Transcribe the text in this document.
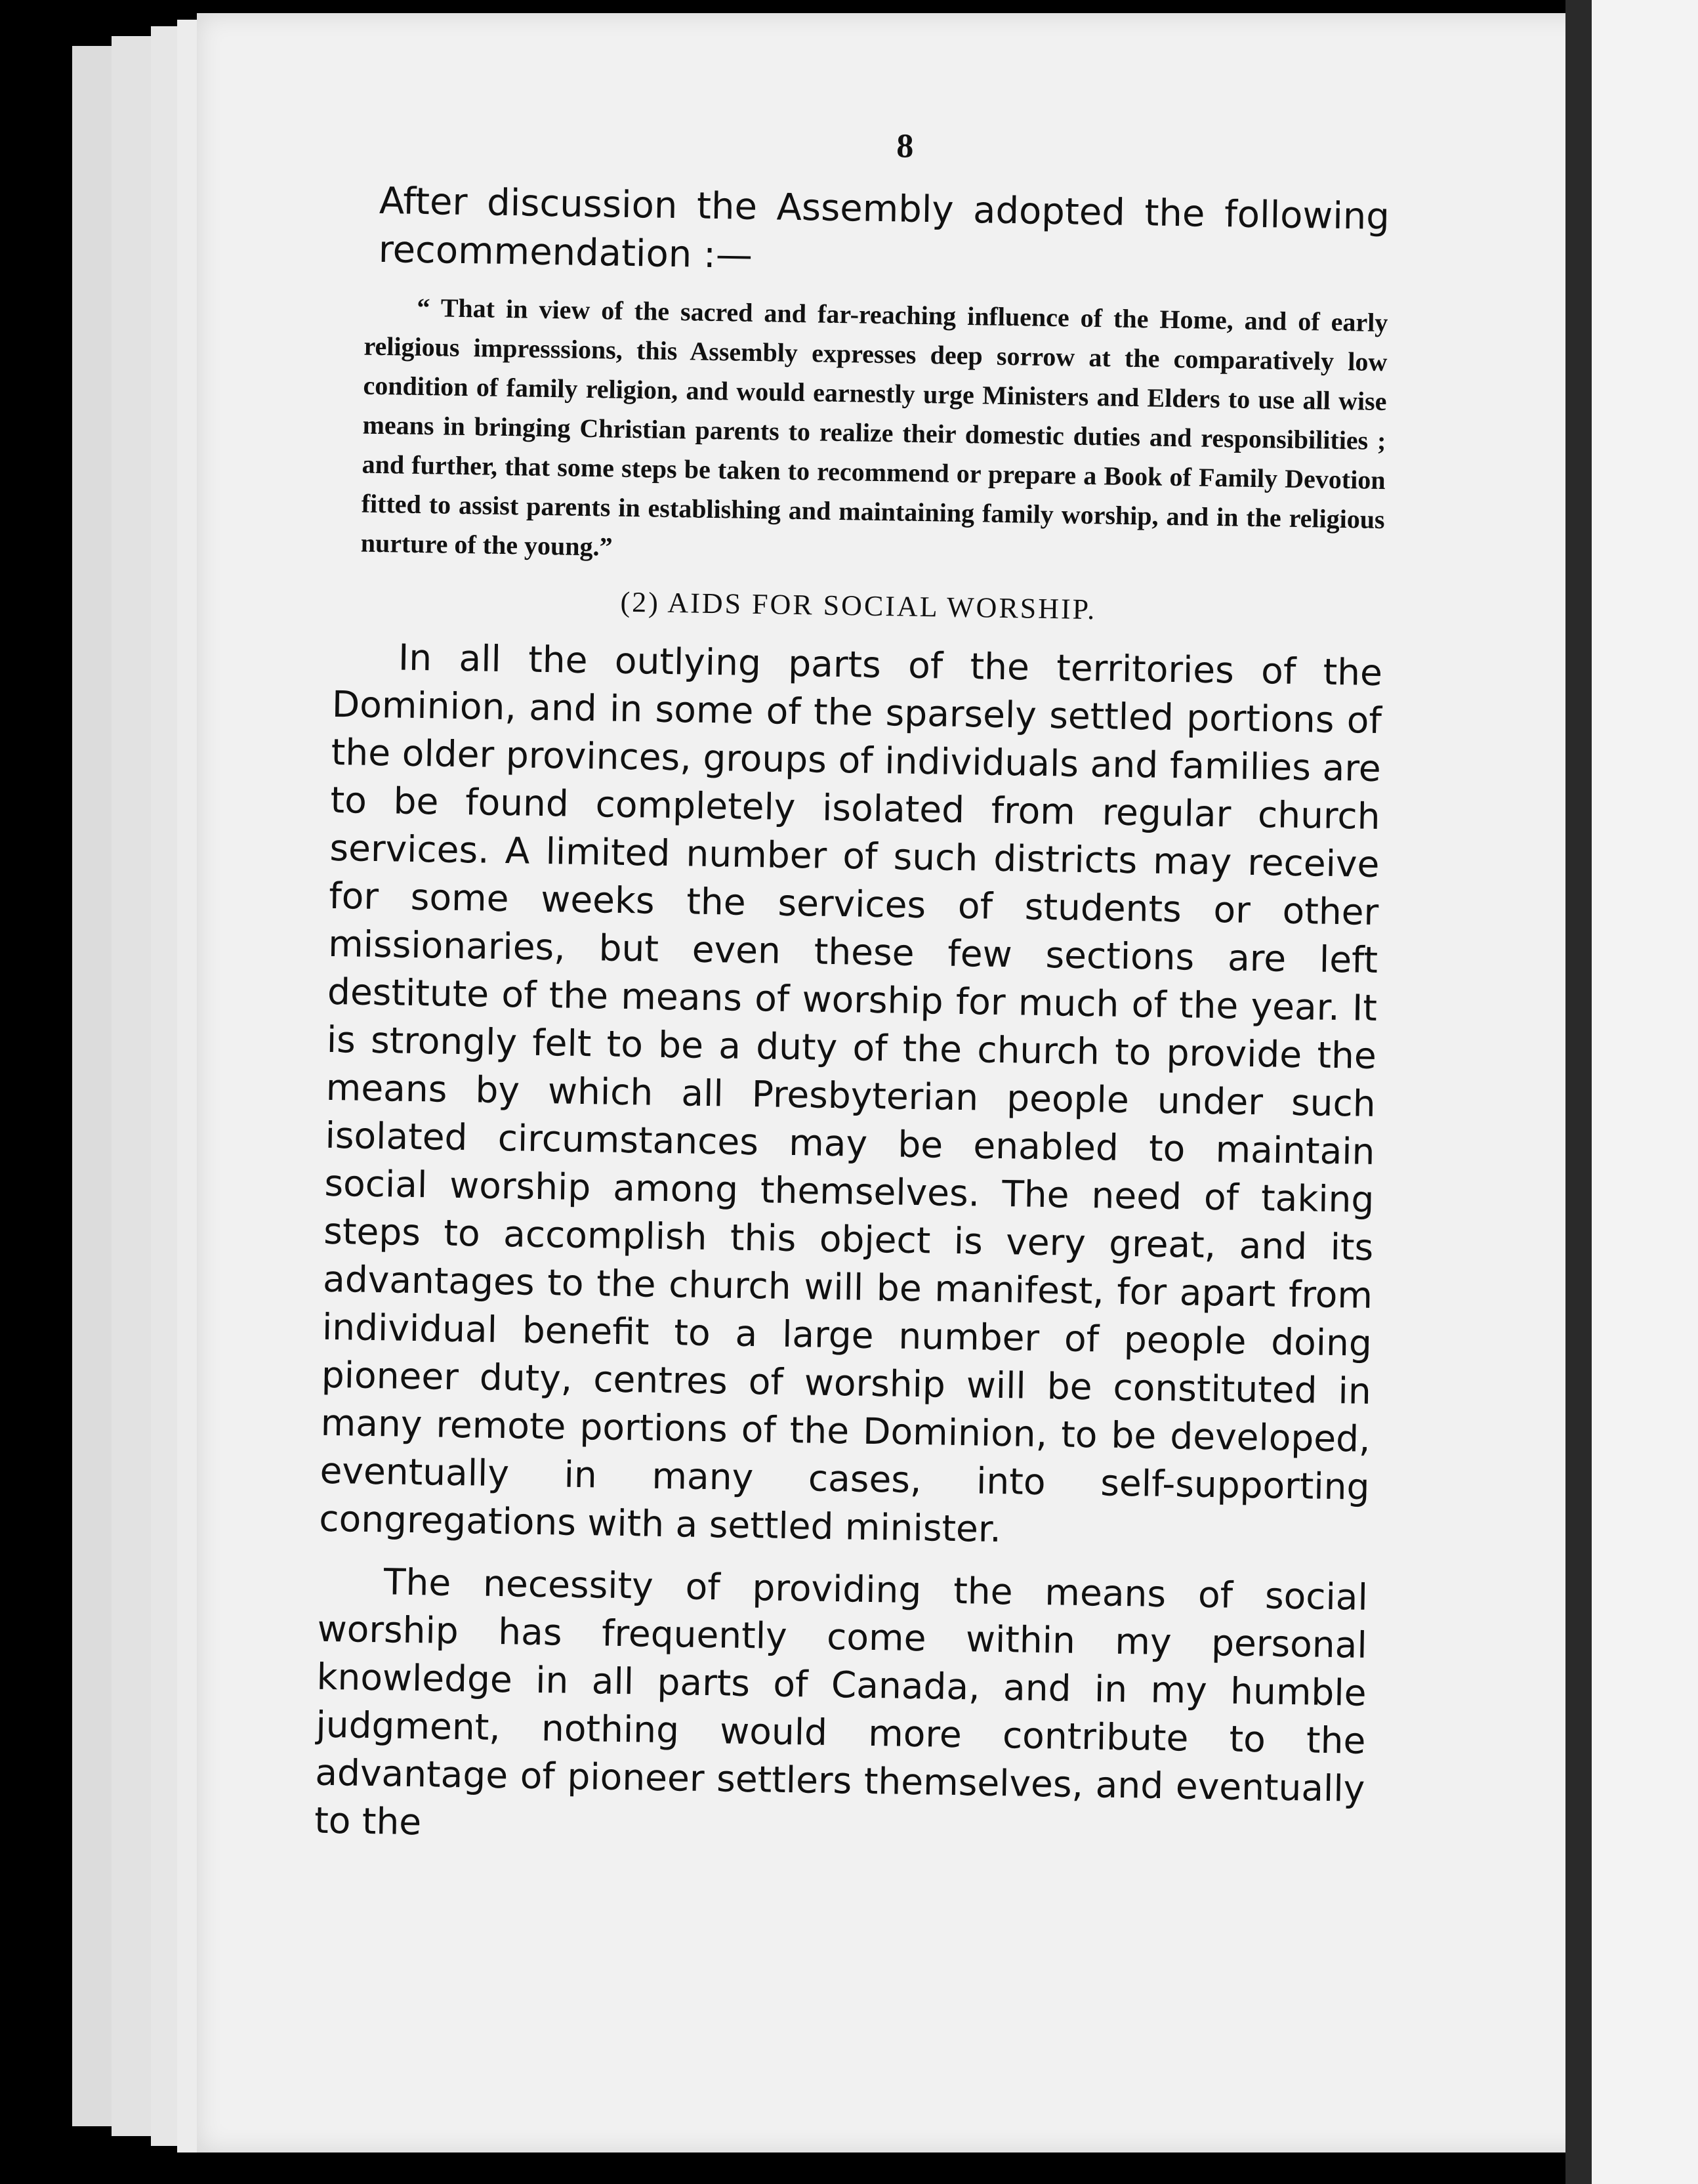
8

After discussion the Assembly adopted the following recommendation :—

“ That in view of the sacred and far-reaching influence of the Home, and of early religious impresssions, this Assembly expresses deep sorrow at the comparatively low condition of family religion, and would earnestly urge Ministers and Elders to use all wise means in bringing Christian parents to realize their domestic duties and responsibilities ; and further, that some steps be taken to recommend or prepare a Book of Family Devotion fitted to assist parents in establishing and maintaining family worship, and in the religious nurture of the young.”

(2) AIDS FOR SOCIAL WORSHIP.

In all the outlying parts of the territories of the Dominion, and in some of the sparsely settled portions of the older provinces, groups of individuals and families are to be found completely isolated from regular church services. A limited number of such districts may receive for some weeks the services of students or other missionaries, but even these few sections are left destitute of the means of worship for much of the year. It is strongly felt to be a duty of the church to provide the means by which all Presbyterian people under such isolated circumstances may be enabled to maintain social worship among themselves. The need of taking steps to accomplish this object is very great, and its advantages to the church will be manifest, for apart from individual benefit to a large number of people doing pioneer duty, centres of worship will be constituted in many remote portions of the Dominion, to be developed, eventually in many cases, into self-supporting congregations with a settled minister.

The necessity of providing the means of social worship has frequently come within my personal knowledge in all parts of Canada, and in my humble judgment, nothing would more contribute to the advantage of pioneer settlers themselves, and eventually to the
